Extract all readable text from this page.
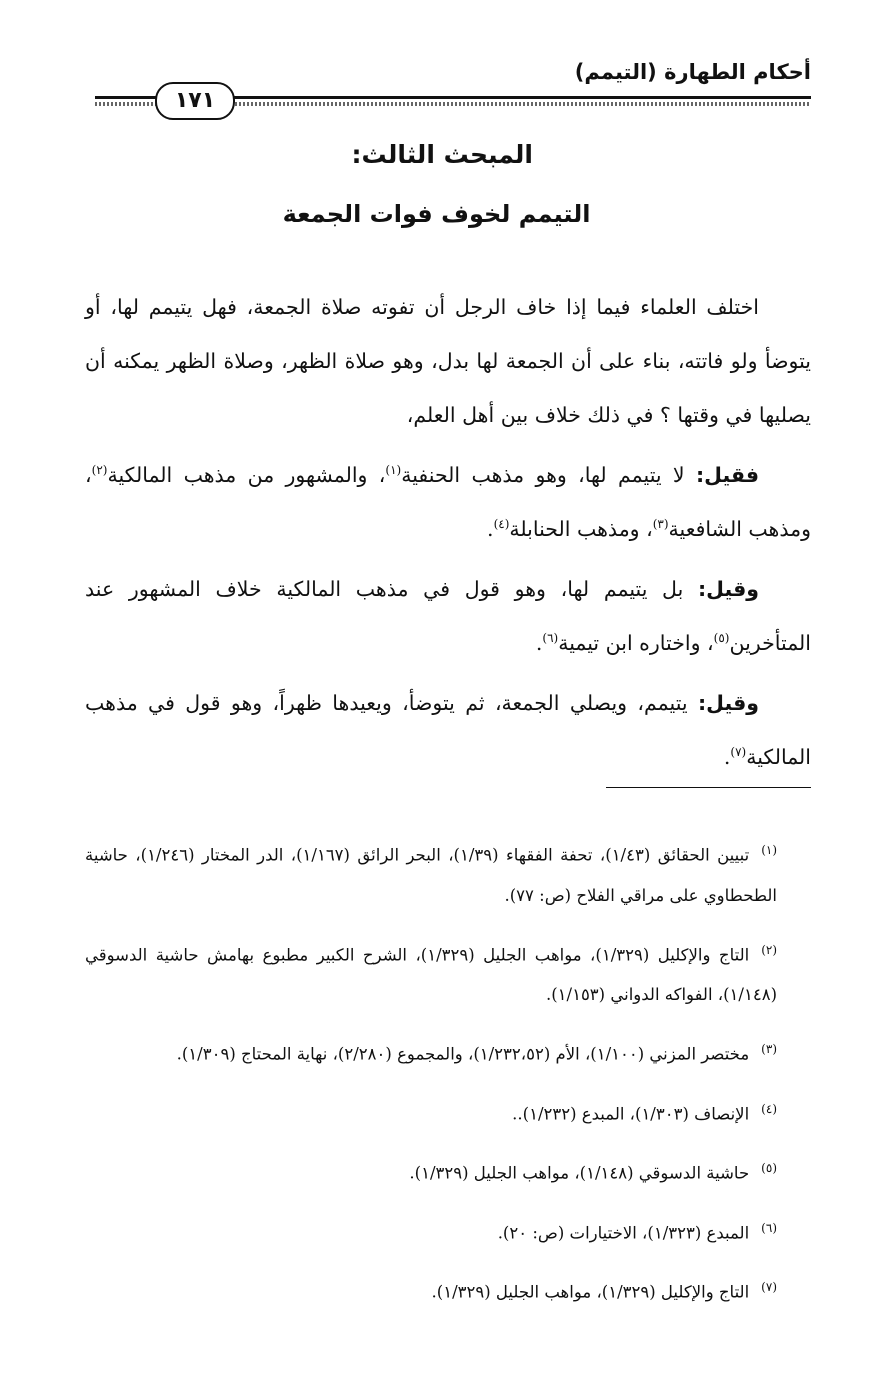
أحكام الطهارة (التيمم)
١٧١
المبحث الثالث:
التيمم لخوف فوات الجمعة

اختلف العلماء فيما إذا خاف الرجل أن تفوته صلاة الجمعة، فهل يتيمم لها، أو يتوضأ ولو فاتته، بناء على أن الجمعة لها بدل، وهو صلاة الظهر، وصلاة الظهر يمكنه أن يصليها في وقتها ؟ في ذلك خلاف بين أهل العلم،

فقيل: لا يتيمم لها، وهو مذهب الحنفية$^{(١)}$، والمشهور من مذهب المالكية$^{(٢)}$، ومذهب الشافعية$^{(٣)}$، ومذهب الحنابلة$^{(٤)}$.

وقيل: بل يتيمم لها، وهو قول في مذهب المالكية خلاف المشهور عند المتأخرين$^{(٥)}$، واختاره ابن تيمية$^{(٦)}$.

وقيل: يتيمم، ويصلي الجمعة، ثم يتوضأ، ويعيدها ظهراً، وهو قول في مذهب المالكية$^{(٧)}$.

$^{(١)}$تبيين الحقائق (١/٤٣)، تحفة الفقهاء (١/٣٩)، البحر الرائق (١/١٦٧)، الدر المختار (١/٢٤٦)، حاشية الطحطاوي على مراقي الفلاح (ص: ٧٧).

$^{(٢)}$التاج والإكليل (١/٣٢٩)، مواهب الجليل (١/٣٢٩)، الشرح الكبير مطبوع بهامش حاشية الدسوقي (١/١٤٨)، الفواكه الدواني (١/١٥٣).

$^{(٣)}$مختصر المزني (١/١٠٠)، الأم (١/٢٣٢،٥٢)، والمجموع (٢/٢٨٠)، نهاية المحتاج (١/٣٠٩).

$^{(٤)}$الإنصاف (١/٣٠٣)، المبدع (١/٢٣٢)..

$^{(٥)}$حاشية الدسوقي (١/١٤٨)، مواهب الجليل (١/٣٢٩).

$^{(٦)}$المبدع (١/٣٢٣)، الاختيارات (ص: ٢٠).

$^{(٧)}$التاج والإكليل (١/٣٢٩)، مواهب الجليل (١/٣٢٩).
